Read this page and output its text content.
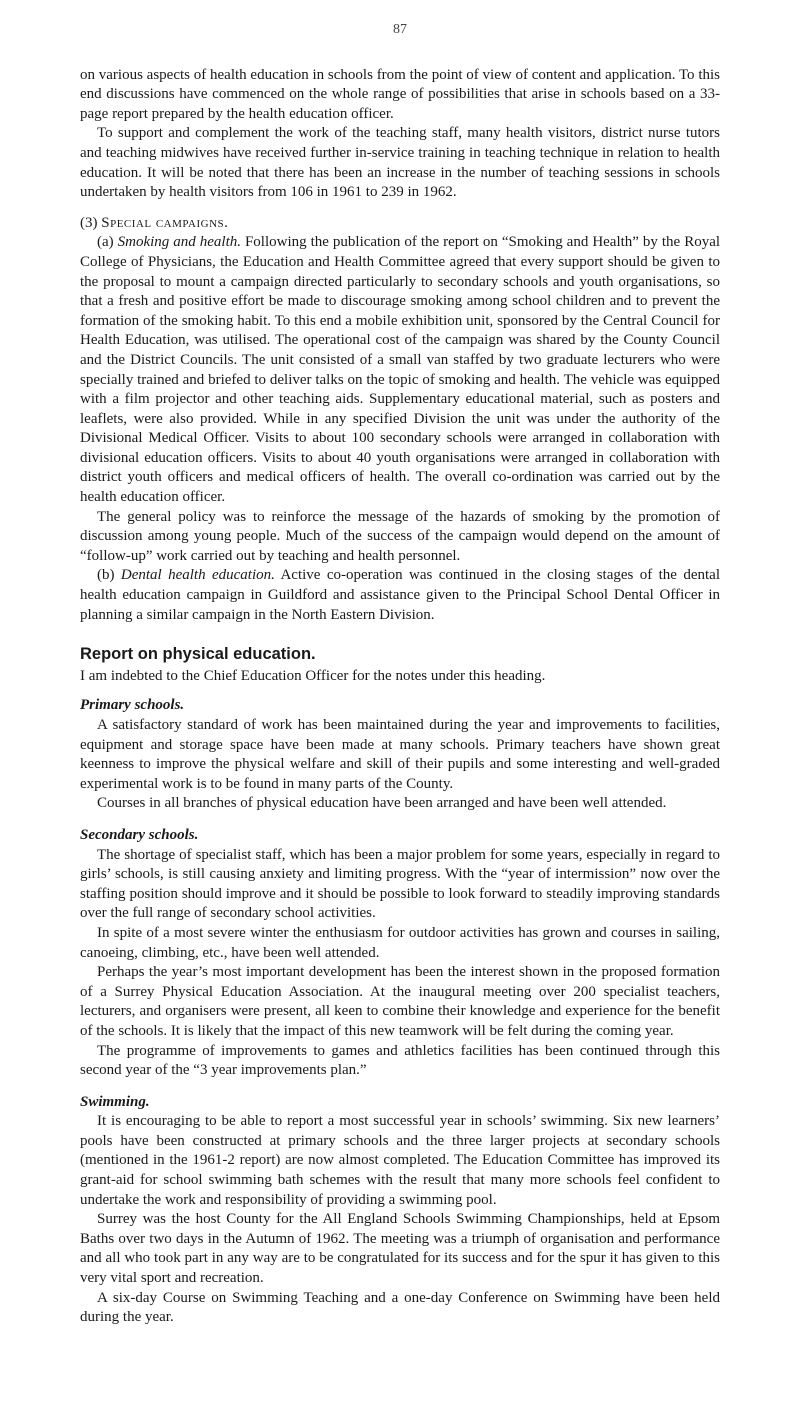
87

on various aspects of health education in schools from the point of view of content and application. To this end discussions have commenced on the whole range of possibilities that arise in schools based on a 33-page report prepared by the health education officer.

To support and complement the work of the teaching staff, many health visitors, district nurse tutors and teaching midwives have received further in-service training in teaching technique in relation to health education. It will be noted that there has been an increase in the number of teaching sessions in schools undertaken by health visitors from 106 in 1961 to 239 in 1962.

(3) Special campaigns.

(a) Smoking and health. Following the publication of the report on “Smoking and Health” by the Royal College of Physicians, the Education and Health Committee agreed that every support should be given to the proposal to mount a campaign directed particularly to secondary schools and youth organisations, so that a fresh and positive effort be made to discourage smoking among school children and to prevent the formation of the smoking habit. To this end a mobile exhibition unit, sponsored by the Central Council for Health Education, was utilised. The operational cost of the campaign was shared by the County Council and the District Councils. The unit consisted of a small van staffed by two graduate lecturers who were specially trained and briefed to deliver talks on the topic of smoking and health. The vehicle was equipped with a film projector and other teaching aids. Supplementary educational material, such as posters and leaflets, were also provided. While in any specified Division the unit was under the authority of the Divisional Medical Officer. Visits to about 100 secondary schools were arranged in collaboration with divisional education officers. Visits to about 40 youth organisations were arranged in collaboration with district youth officers and medical officers of health. The overall co-ordination was carried out by the health education officer.

The general policy was to reinforce the message of the hazards of smoking by the promotion of discussion among young people. Much of the success of the campaign would depend on the amount of “follow-up” work carried out by teaching and health personnel.

(b) Dental health education. Active co-operation was continued in the closing stages of the dental health education campaign in Guildford and assistance given to the Principal School Dental Officer in planning a similar campaign in the North Eastern Division.

Report on physical education.

I am indebted to the Chief Education Officer for the notes under this heading.

Primary schools.

A satisfactory standard of work has been maintained during the year and improvements to facilities, equipment and storage space have been made at many schools. Primary teachers have shown great keenness to improve the physical welfare and skill of their pupils and some interesting and well-graded experimental work is to be found in many parts of the County.

Courses in all branches of physical education have been arranged and have been well attended.

Secondary schools.

The shortage of specialist staff, which has been a major problem for some years, especially in regard to girls’ schools, is still causing anxiety and limiting progress. With the “year of intermission” now over the staffing position should improve and it should be possible to look forward to steadily improving standards over the full range of secondary school activities.

In spite of a most severe winter the enthusiasm for outdoor activities has grown and courses in sailing, canoeing, climbing, etc., have been well attended.

Perhaps the year’s most important development has been the interest shown in the proposed formation of a Surrey Physical Education Association. At the inaugural meeting over 200 specialist teachers, lecturers, and organisers were present, all keen to combine their knowledge and experience for the benefit of the schools. It is likely that the impact of this new teamwork will be felt during the coming year.

The programme of improvements to games and athletics facilities has been continued through this second year of the “3 year improvements plan.”

Swimming.

It is encouraging to be able to report a most successful year in schools’ swimming. Six new learners’ pools have been constructed at primary schools and the three larger projects at secondary schools (mentioned in the 1961-2 report) are now almost completed. The Education Committee has improved its grant-aid for school swimming bath schemes with the result that many more schools feel confident to undertake the work and responsibility of providing a swimming pool.

Surrey was the host County for the All England Schools Swimming Championships, held at Epsom Baths over two days in the Autumn of 1962. The meeting was a triumph of organisation and performance and all who took part in any way are to be congratulated for its success and for the spur it has given to this very vital sport and recreation.

A six-day Course on Swimming Teaching and a one-day Conference on Swimming have been held during the year.
